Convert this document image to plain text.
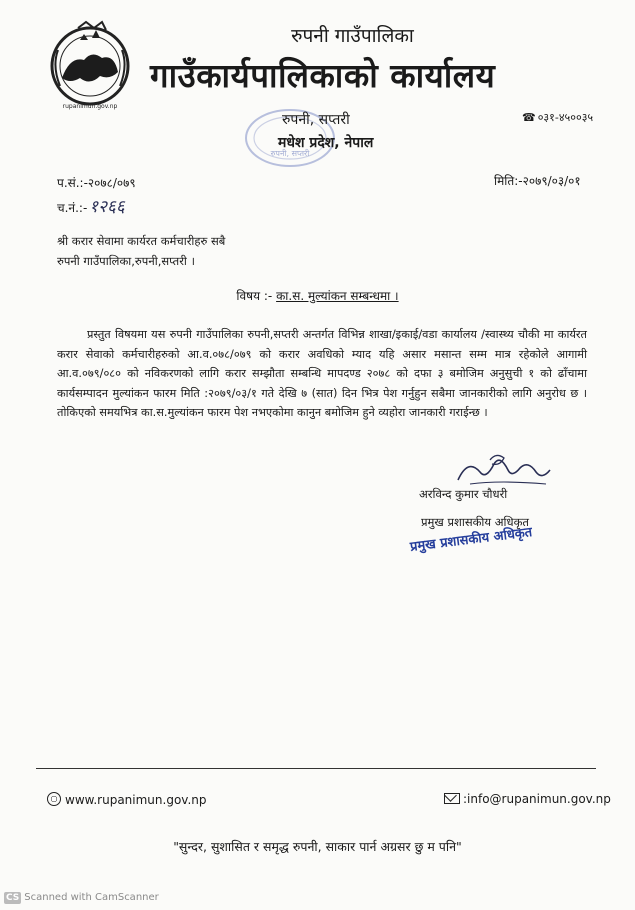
rupanimun.gov.np
रुपनी गाउँपालिका
गाउँकार्यपालिकाको कार्यालय
रुपनी, सप्तरी
रुपनी, सप्तरी
मधेश प्रदेश, नेपाल
☎ ०३१-४५००३५
प.सं.:-२०७८/०७९
च.नं.:- १२६६
मिति:-२०७९/०३/०१
श्री करार सेवामा कार्यरत कर्मचारीहरु सबै
रुपनी गाउँपालिका,रुपनी,सप्तरी ।
विषय :- का.स. मुल्यांकन सम्बन्धमा ।
प्रस्तुत विषयमा यस रुपनी गाउँपालिका रुपनी,सप्तरी अन्तर्गत विभिन्न शाखा/इकाई/वडा कार्यालय /स्वास्थ्य चौकी मा कार्यरत करार सेवाको कर्मचारीहरुको आ.व.०७८/०७९ को करार अवधिको म्याद यहि असार मसान्त सम्म मात्र रहेकोले आगामी आ.व.०७९/०८० को नविकरणको लागि करार सम्झौता सम्बन्धि मापदण्ड २०७८ को दफा ३ बमोजिम अनुसुची १ को ढाँचामा कार्यसम्पादन मुल्यांकन फारम मिति :२०७९/०३/१ गते देखि ७ (सात) दिन भित्र पेश गर्नुहुन सबैमा जानकारीको लागि अनुरोध छ । तोकिएको समयभित्र का.स.मुल्यांकन फारम पेश नभएकोमा कानुन बमोजिम हुने व्यहोरा जानकारी गराईन्छ ।
अरविन्द कुमार चौधरी
प्रमुख प्रशासकीय अधिकृत
प्रमुख प्रशासकीय अधिकृत
www.rupanimun.gov.np	:info@rupanimun.gov.np
"सुन्दर, सुशासित र समृद्ध रुपनी, साकार पार्न अग्रसर छु म पनि"
CS Scanned with CamScanner
